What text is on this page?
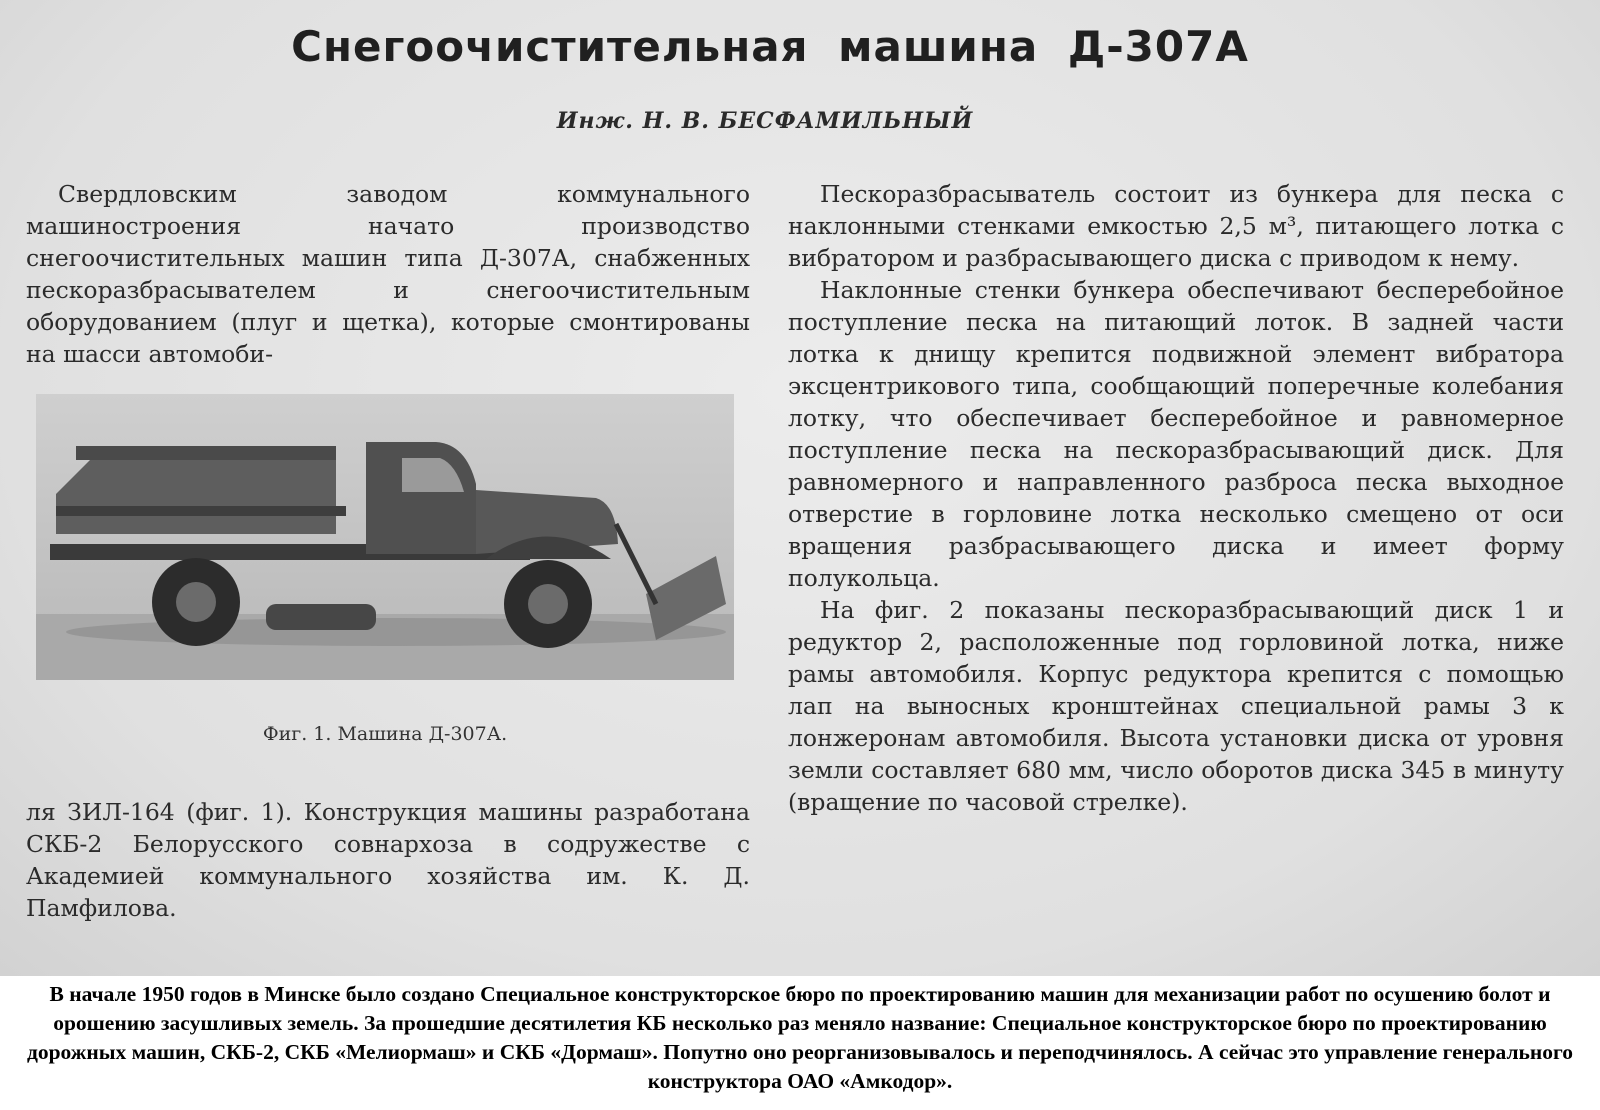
Снегоочистительная машина Д-307А
Инж. Н. В. БЕСФАМИЛЬНЫЙ

Свердловским заводом коммунального машиностроения начато производство снегоочистительных машин типа Д-307А, снабженных пескоразбрасывателем и снегоочистительным оборудованием (плуг и щетка), которые смонтированы на шасси автомоби-

Фиг. 1. Машина Д-307А.

ля ЗИЛ-164 (фиг. 1). Конструкция машины разработана СКБ-2 Белорусского совнархоза в содружестве с Академией коммунального хозяйства им. К. Д. Памфилова.

Пескоразбрасыватель состоит из бункера для песка с наклонными стенками емкостью 2,5 м³, питающего лотка с вибратором и разбрасывающего диска с приводом к нему.

Наклонные стенки бункера обеспечивают бесперебойное поступление песка на питающий лоток. В задней части лотка к днищу крепится подвижной элемент вибратора эксцентрикового типа, сообщающий поперечные колебания лотку, что обеспечивает бесперебойное и равномерное поступление песка на пескоразбрасывающий диск. Для равномерного и направленного разброса песка выходное отверстие в горловине лотка несколько смещено от оси вращения разбрасывающего диска и имеет форму полукольца.

На фиг. 2 показаны пескоразбрасывающий диск 1 и редуктор 2, расположенные под горловиной лотка, ниже рамы автомобиля. Корпус редуктора крепится с помощью лап на выносных кронштейнах специальной рамы 3 к лонжеронам автомобиля. Высота установки диска от уровня земли составляет 680 мм, число оборотов диска 345 в минуту (вращение по часовой стрелке).

В начале 1950 годов в Минске было создано Специальное конструкторское бюро по проектированию машин для механизации работ по осушению болот и орошению засушливых земель. За прошедшие десятилетия КБ несколько раз меняло название: Специальное конструкторское бюро по проектированию дорожных машин, СКБ-2, СКБ «Мелиормаш» и СКБ «Дормаш». Попутно оно реорганизовывалось и переподчинялось. А сейчас это управление генерального конструктора ОАО «Амкодор».
